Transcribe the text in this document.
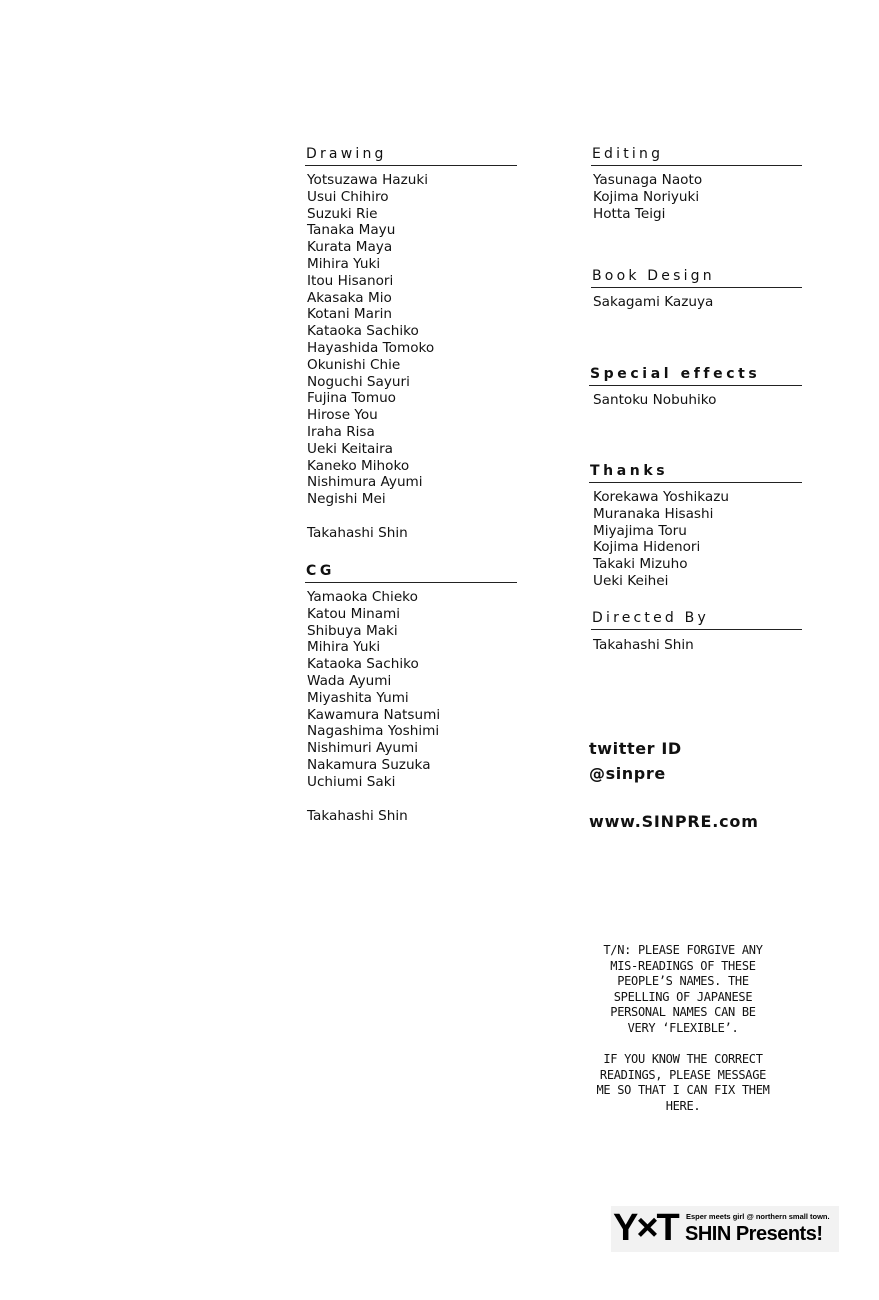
Drawing
Yotsuzawa Hazuki
Usui Chihiro
Suzuki Rie
Tanaka Mayu
Kurata Maya
Mihira Yuki
Itou Hisanori
Akasaka Mio
Kotani Marin
Kataoka Sachiko
Hayashida Tomoko
Okunishi Chie
Noguchi Sayuri
Fujina Tomuo
Hirose You
Iraha Risa
Ueki Keitaira
Kaneko Mihoko
Nishimura Ayumi
Negishi Mei
Takahashi Shin
CG
Yamaoka Chieko
Katou Minami
Shibuya Maki
Mihira Yuki
Kataoka Sachiko
Wada Ayumi
Miyashita Yumi
Kawamura Natsumi
Nagashima Yoshimi
Nishimuri Ayumi
Nakamura Suzuka
Uchiumi Saki
Takahashi Shin
Editing
Yasunaga Naoto
Kojima Noriyuki
Hotta Teigi
Book Design
Sakagami Kazuya
Special effects
Santoku Nobuhiko
Thanks
Korekawa Yoshikazu
Muranaka Hisashi
Miyajima Toru
Kojima Hidenori
Takaki Mizuho
Ueki Keihei
Directed By
Takahashi Shin
twitter ID
@sinpre
www.SINPRE.com
T/N: PLEASE FORGIVE ANY
MIS-READINGS OF THESE
PEOPLE’S NAMES. THE
SPELLING OF JAPANESE
PERSONAL NAMES CAN BE
VERY ‘FLEXIBLE’.
IF YOU KNOW THE CORRECT
READINGS, PLEASE MESSAGE
ME SO THAT I CAN FIX THEM
HERE.
Y×T Esper meets girl @ northern small town.
SHIN Presents!
